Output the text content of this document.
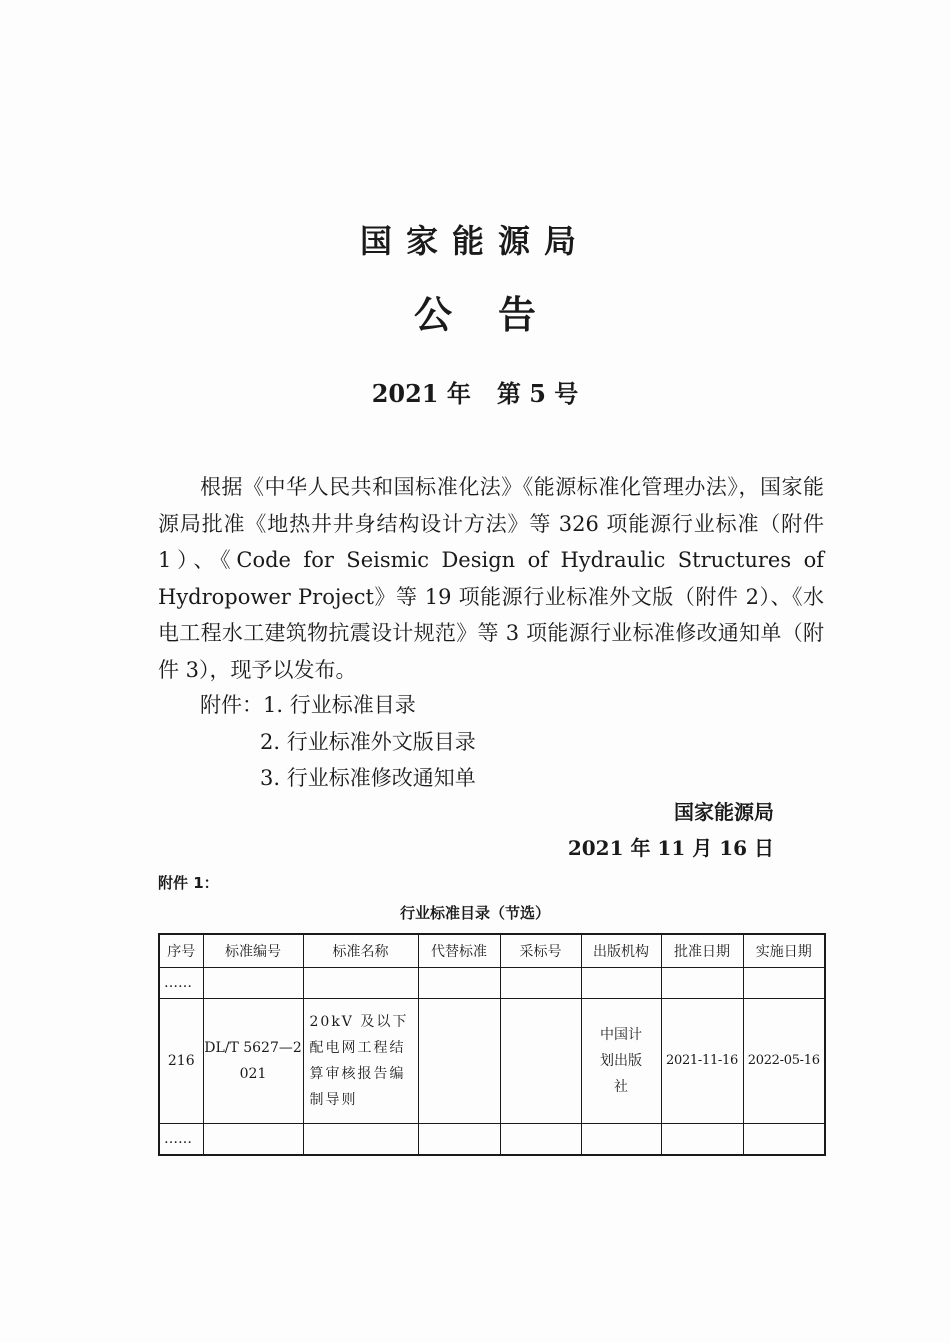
国家能源局
公告
2021 年 第 5 号
根据《中华人民共和国标准化法》《能源标准化管理办法》，国家能源局批准《地热井井身结构设计方法》等 326 项能源行业标准（附件 1）、《Code for Seismic Design of Hydraulic Structures of Hydropower Project》等 19 项能源行业标准外文版（附件 2）、《水电工程水工建筑物抗震设计规范》等 3 项能源行业标准修改通知单（附件 3），现予以发布。
附件：1. 行业标准目录
2. 行业标准外文版目录
3. 行业标准修改通知单
国家能源局
2021 年 11 月 16 日
附件 1：
行业标准目录（节选）
序号	标准编号	标准名称	代替标准	采标号	出版机构	批准日期	实施日期
……							
216	DL/T 5627—2021	20kV 及以下配电网工程结算审核报告编制导则			中国计划出版社	2021-11-16	2022-05-16
……							
